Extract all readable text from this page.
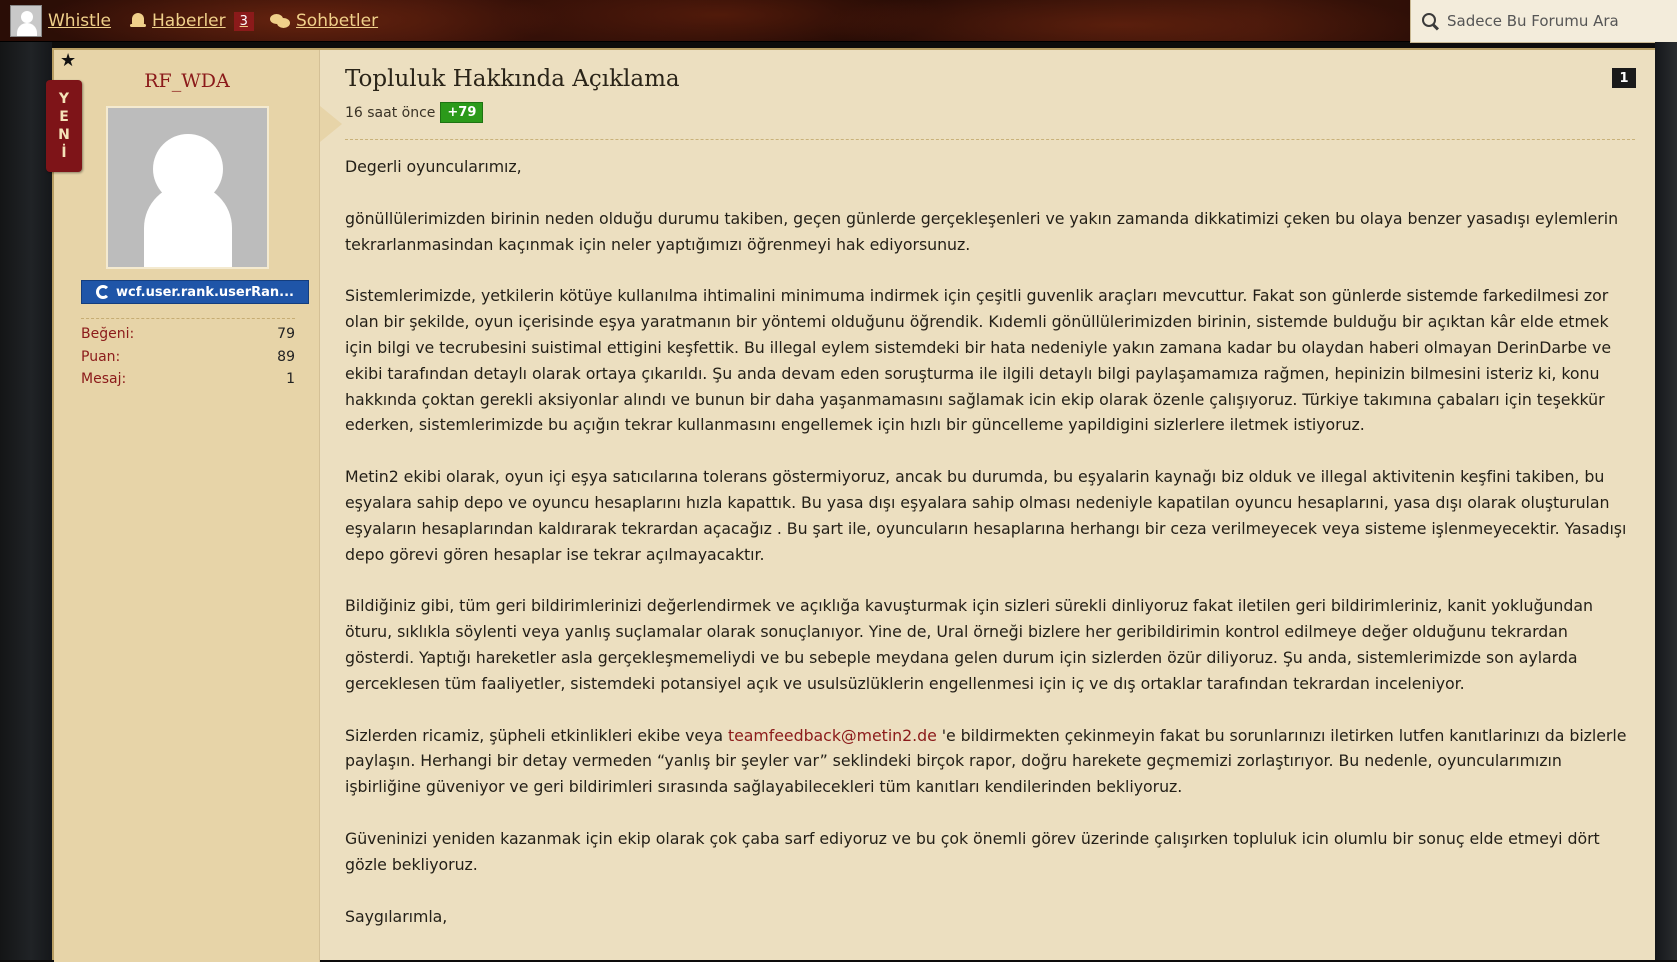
Whistle Haberler	3	Sohbetler
Sadece Bu Forumu Ara
★
Y
E
N
İ
RF_WDA
wcf.user.rank.userRan...
Beğeni:	79
Puan:	89
Mesaj:	1
Topluluk Hakkında Açıklama
16 saat önce +79
1

Degerli oyuncularımız,

gönüllülerimizden birinin neden olduğu durumu takiben, geçen günlerde gerçekleşenleri ve yakın zamanda dikkatimizi çeken bu olaya benzer yasadışı eylemlerin tekrarlanmasindan kaçınmak için neler yaptığımızı öğrenmeyi hak ediyorsunuz.

Sistemlerimizde, yetkilerin kötüye kullanılma ihtimalini minimuma indirmek için çeşitli guvenlik araçları mevcuttur. Fakat son günlerde sistemde farkedilmesi zor olan bir şekilde, oyun içerisinde eşya yaratmanın bir yöntemi olduğunu öğrendik. Kıdemli gönüllülerimizden birinin, sistemde bulduğu bir açıktan kâr elde etmek için bilgi ve tecrubesini suistimal ettigini keşfettik. Bu illegal eylem sistemdeki bir hata nedeniyle yakın zamana kadar bu olaydan haberi olmayan DerinDarbe ve ekibi tarafından detaylı olarak ortaya çıkarıldı. Şu anda devam eden soruşturma ile ilgili detaylı bilgi paylaşamamıza rağmen, hepinizin bilmesini isteriz ki, konu hakkında çoktan gerekli aksiyonlar alındı ve bunun bir daha yaşanmamasını sağlamak icin ekip olarak özenle çalışıyoruz. Türkiye takımına çabaları için teşekkür ederken, sistemlerimizde bu açığın tekrar kullanmasını engellemek için hızlı bir güncelleme yapildigini sizlerlere iletmek istiyoruz.

Metin2 ekibi olarak, oyun içi eşya satıcılarına tolerans göstermiyoruz, ancak bu durumda, bu eşyalarin kaynağı biz olduk ve illegal aktivitenin keşfini takiben, bu eşyalara sahip depo ve oyuncu hesaplarını hızla kapattık. Bu yasa dışı eşyalara sahip olması nedeniyle kapatilan oyuncu hesaplarıni, yasa dışı olarak oluşturulan eşyaların hesaplarından kaldırarak tekrardan açacağız . Bu şart ile, oyuncuların hesaplarına herhangı bir ceza verilmeyecek veya sisteme işlenmeyecektir. Yasadışı depo görevi gören hesaplar ise tekrar açılmayacaktır.

Bildiğiniz gibi, tüm geri bildirimlerinizi değerlendirmek ve açıklığa kavuşturmak için sizleri sürekli dinliyoruz fakat iletilen geri bildirimleriniz, kanit yokluğundan öturu, sıklıkla söylenti veya yanlış suçlamalar olarak sonuçlanıyor. Yine de, Ural örneği bizlere her geribildirimin kontrol edilmeye değer olduğunu tekrardan gösterdi. Yaptığı hareketler asla gerçekleşmemeliydi ve bu sebeple meydana gelen durum için sizlerden özür diliyoruz. Şu anda, sistemlerimizde son aylarda gerceklesen tüm faaliyetler, sistemdeki potansiyel açık ve usulsüzlüklerin engellenmesi için iç ve dış ortaklar tarafından tekrardan inceleniyor.

Sizlerden ricamiz, şüpheli etkinlikleri ekibe veya teamfeedback@metin2.de 'e bildirmekten çekinmeyin fakat bu sorunlarınızı iletirken lutfen kanıtlarinızı da bizlerle paylaşın. Herhangi bir detay vermeden “yanlış bir şeyler var” seklindeki birçok rapor, doğru harekete geçmemizi zorlaştırıyor. Bu nedenle, oyuncularımızın işbirliğine güveniyor ve geri bildirimleri sırasında sağlayabilecekleri tüm kanıtları kendilerinden bekliyoruz.

Güveninizi yeniden kazanmak için ekip olarak çok çaba sarf ediyoruz ve bu çok önemli görev üzerinde çalışırken topluluk icin olumlu bir sonuç elde etmeyi dört gözle bekliyoruz.

Saygılarımla,
